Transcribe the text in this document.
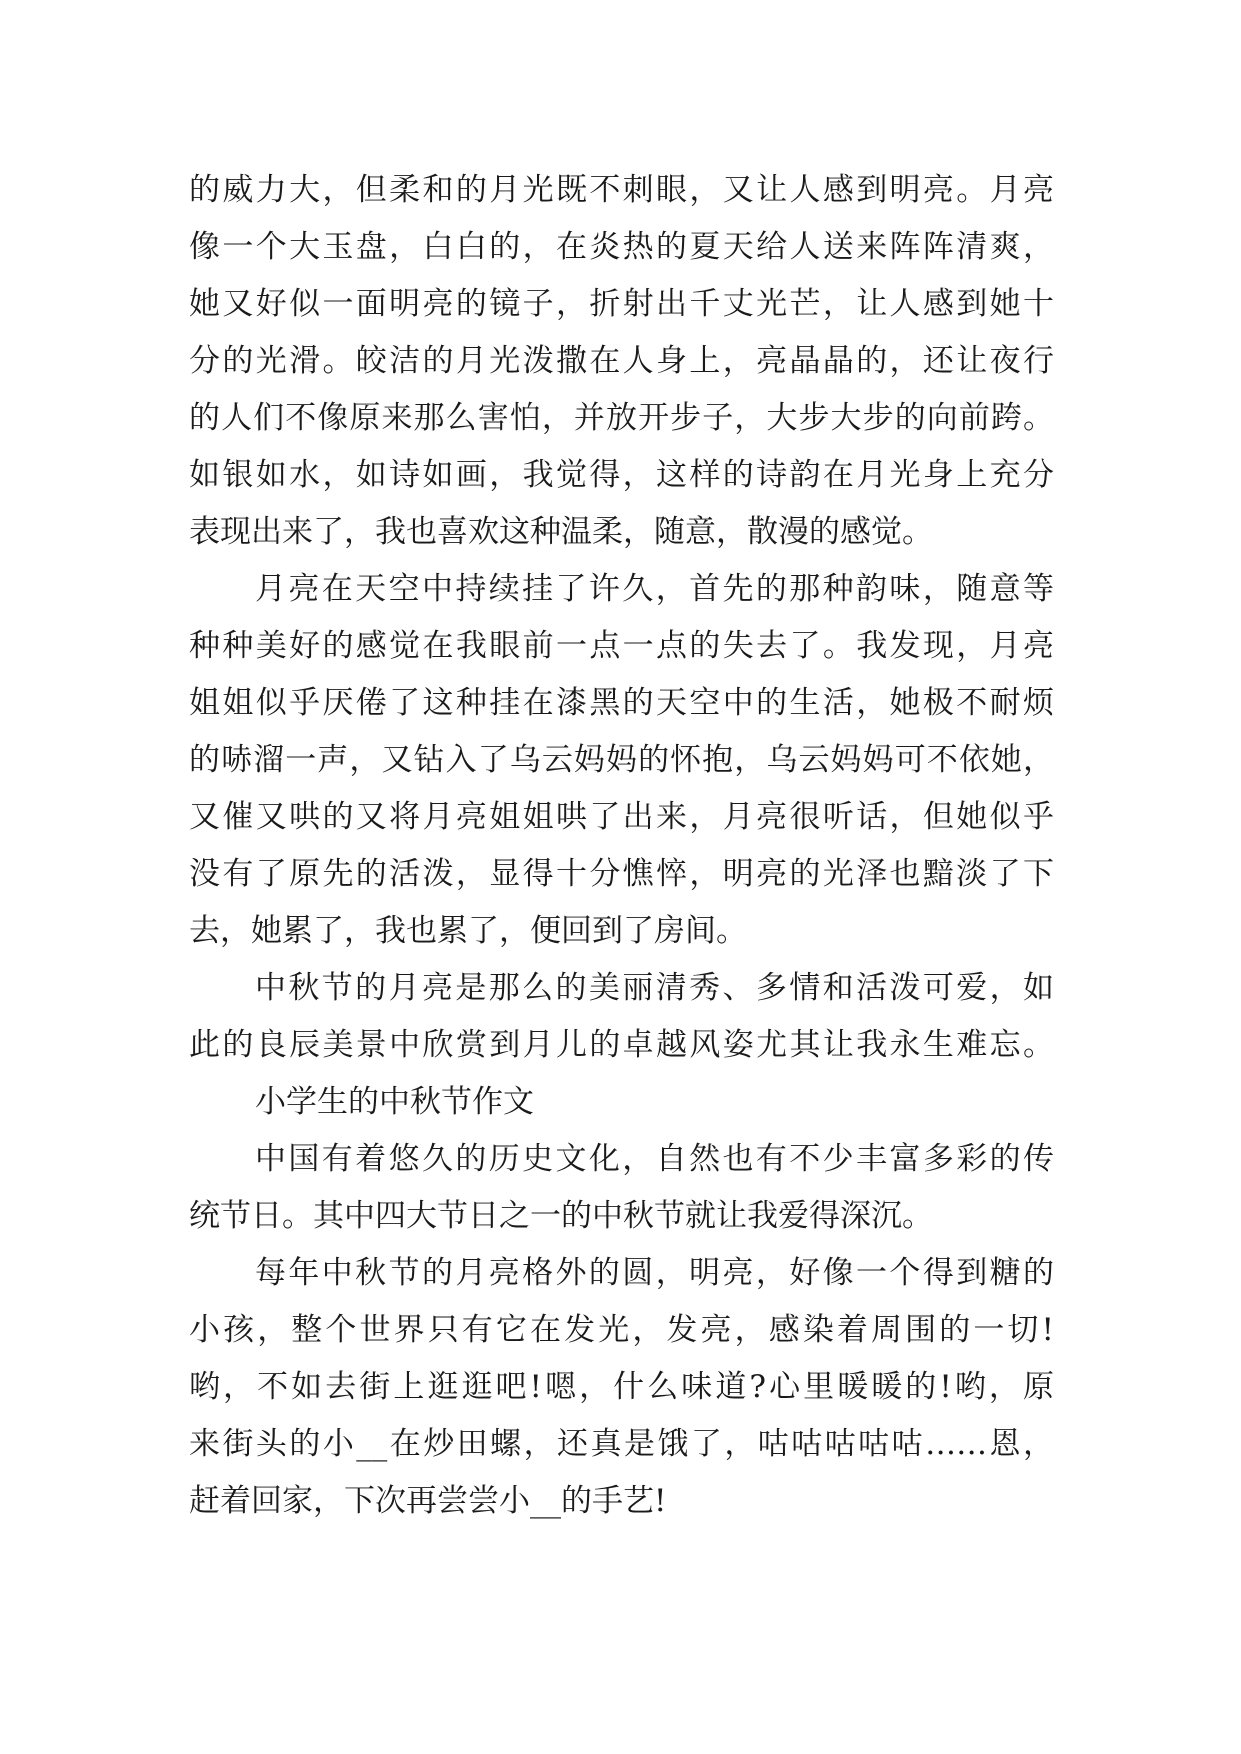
的威力大，但柔和的月光既不刺眼，又让人感到明亮。月亮
像一个大玉盘，白白的，在炎热的夏天给人送来阵阵清爽，
她又好似一面明亮的镜子，折射出千丈光芒，让人感到她十
分的光滑。皎洁的月光泼撒在人身上，亮晶晶的，还让夜行
的人们不像原来那么害怕，并放开步子，大步大步的向前跨。
如银如水，如诗如画，我觉得，这样的诗韵在月光身上充分
表现出来了，我也喜欢这种温柔，随意，散漫的感觉。
月亮在天空中持续挂了许久，首先的那种韵味，随意等
种种美好的感觉在我眼前一点一点的失去了。我发现，月亮
姐姐似乎厌倦了这种挂在漆黑的天空中的生活，她极不耐烦
的哧溜一声，又钻入了乌云妈妈的怀抱，乌云妈妈可不依她，
又催又哄的又将月亮姐姐哄了出来，月亮很听话，但她似乎
没有了原先的活泼，显得十分憔悴，明亮的光泽也黯淡了下
去，她累了，我也累了，便回到了房间。
中秋节的月亮是那么的美丽清秀、多情和活泼可爱，如
此的良辰美景中欣赏到月儿的卓越风姿尤其让我永生难忘。
小学生的中秋节作文
中国有着悠久的历史文化，自然也有不少丰富多彩的传
统节日。其中四大节日之一的中秋节就让我爱得深沉。
每年中秋节的月亮格外的圆，明亮，好像一个得到糖的
小孩，整个世界只有它在发光，发亮，感染着周围的一切!
哟，不如去街上逛逛吧!嗯，什么味道?心里暖暖的!哟，原
来街头的小__在炒田螺，还真是饿了，咕咕咕咕咕……恩，
赶着回家，下次再尝尝小__的手艺!
